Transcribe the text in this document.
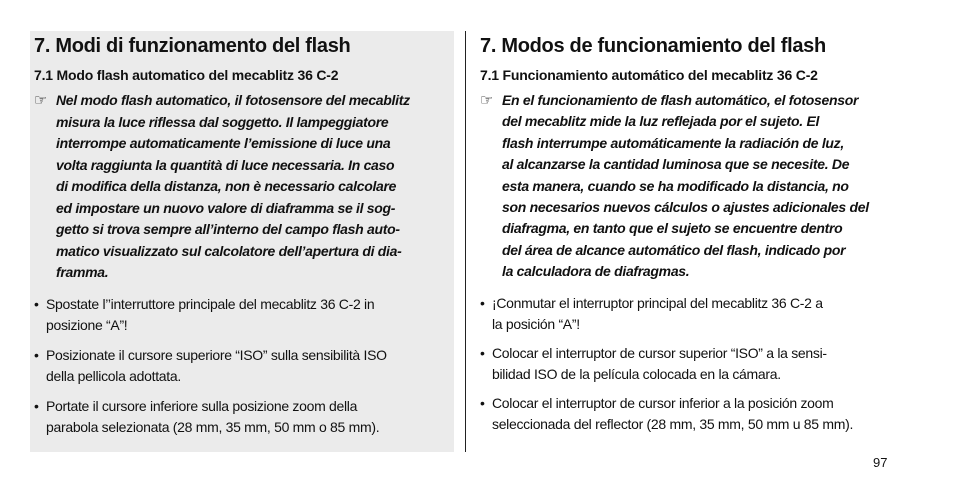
7. Modi di funzionamento del flash
7.1 Modo flash automatico del mecablitz 36 C-2
☞ Nel modo flash automatico, il fotosensore del mecablitz
misura la luce riflessa dal soggetto. Il lampeggiatore
interrompe automaticamente l’emissione di luce una
volta raggiunta la quantità di luce necessaria. In caso
di modifica della distanza, non è necessario calcolare
ed impostare un nuovo valore di diaframma se il sog-
getto si trova sempre all’interno del campo flash auto-
matico visualizzato sul calcolatore dell’apertura di dia-
framma.
• Spostate l’’interruttore principale del mecablitz 36 C-2 in
posizione “A”!
• Posizionate il cursore superiore “ISO” sulla sensibilità ISO
della pellicola adottata.
• Portate il cursore inferiore sulla posizione zoom della
parabola selezionata (28 mm, 35 mm, 50 mm o 85 mm).
7. Modos de funcionamiento del flash
7.1 Funcionamiento automático del mecablitz 36 C-2
☞ En el funcionamiento de flash automático, el fotosensor
del mecablitz mide la luz reflejada por el sujeto. El
flash interrumpe automáticamente la radiación de luz,
al alcanzarse la cantidad luminosa que se necesite. De
esta manera, cuando se ha modificado la distancia, no
son necesarios nuevos cálculos o ajustes adicionales del
diafragma, en tanto que el sujeto se encuentre dentro
del área de alcance automático del flash, indicado por
la calculadora de diafragmas.
• ¡Conmutar el interruptor principal del mecablitz 36 C-2 a
la posición “A”!
• Colocar el interruptor de cursor superior “ISO” a la sensi-
bilidad ISO de la película colocada en la cámara.
• Colocar el interruptor de cursor inferior a la posición zoom
seleccionada del reflector (28 mm, 35 mm, 50 mm u 85 mm).
97
